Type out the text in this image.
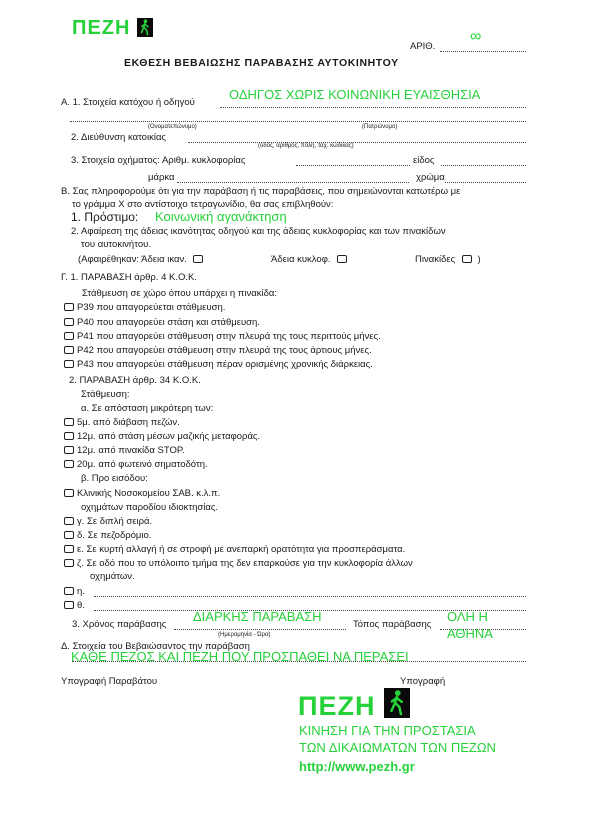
ΠΕΖΗ
ΑΡΙΘ.
∞
ΕΚΘΕΣΗ ΒΕΒΑΙΩΣΗΣ ΠΑΡΑΒΑΣΗΣ ΑΥΤΟΚΙΝΗΤΟΥ
Α. 1. Στοιχεία κατόχου ή οδηγού
ΟΔΗΓΟΣ ΧΩΡΙΣ ΚΟΙΝΩΝΙΚΗ ΕΥΑΙΣΘΗΣΙΑ
(Ονοματεπώνυμο)	(Πατρώνυμο)
2. Διεύθυνση κατοικίας
(οδός, αριθμός, πόλη, ταχ. κώδικας)
3. Στοιχεία οχήματος: Αριθμ. κυκλοφορίας	είδος
μάρκα	χρώμα
Β. Σας πληροφορούμε ότι για την παράβαση ή τις παραβάσεις, που σημειώνονται κατωτέρω με
το γράμμα Χ στο αντίστοιχο τετραγωνίδιο, θα σας επιβληθούν:
1. Πρόστιμο: Κοινωνική αγανάκτηση
2. Αφαίρεση της άδειας ικανότητας οδηγού και της άδειας κυκλοφορίας και των πινακίδων
του αυτοκινήτου.
(Αφαιρέθηκαν: Άδεια ικαν.	Άδεια κυκλοφ.	Πινακίδες )
Γ. 1. ΠΑΡΑΒΑΣΗ άρθρ. 4 Κ.Ο.Κ.
Στάθμευση σε χώρο όπου υπάρχει η πινακίδα:
Ρ39 που απαγορεύεται στάθμευση.
Ρ40 που απαγορεύει στάση και στάθμευση.
Ρ41 που απαγορεύει στάθμευση στην πλευρά της τους περιττούς μήνες.
Ρ42 που απαγορεύει στάθμευση στην πλευρά της τους άρτιους μήνες.
Ρ43 που απαγορεύει στάθμευση πέραν ορισμένης χρονικής διάρκειας.
2. ΠΑΡΑΒΑΣΗ άρθρ. 34 Κ.Ο.Κ.
Στάθμευση:
α. Σε απόσταση μικρότερη των:
5μ. από διάβαση πεζών.
12μ. από στάση μέσων μαζικής μεταφοράς.
12μ. από πινακίδα STOP.
20μ. από φωτεινό σηματοδότη.
β. Προ εισόδου:
Κλινικής Νοσοκομείου ΣΑΒ. κ.λ.π.
οχημάτων παροδίου ιδιοκτησίας.
γ. Σε διπλή σειρά.
δ. Σε πεζοδρόμιο.
ε. Σε κυρτή αλλαγή ή σε στροφή με ανεπαρκή ορατότητα για προσπεράσματα.
ζ. Σε οδό που το υπόλοιπο τμήμα της δεν επαρκούσε για την κυκλοφορία άλλων
οχημάτων.
η.
θ.
3. Χρόνος παράβασης
ΔΙΑΡΚΗΣ ΠΑΡΑΒΑΣΗ
(Ημερομηνία - Ώρα)
Τόπος παράβασης
ΟΛΗ Η
ΑΘΗΝΑ
Δ. Στοιχεία του Βεβαιώσαντος την παράβαση
ΚΑΘΕ ΠΕΖΟΣ ΚΑΙ ΠΕΖΗ ΠΟΥ ΠΡΟΣΠΑΘΕΙ ΝΑ ΠΕΡΑΣΕΙ
Υπογραφή Παραβάτου	Υπογραφή
ΠΕΖΗ
ΚΙΝΗΣΗ ΓΙΑ ΤΗΝ ΠΡΟΣΤΑΣΙΑ
ΤΩΝ ΔΙΚΑΙΩΜΑΤΩΝ ΤΩΝ ΠΕΖΩΝ
http://www.pezh.gr
